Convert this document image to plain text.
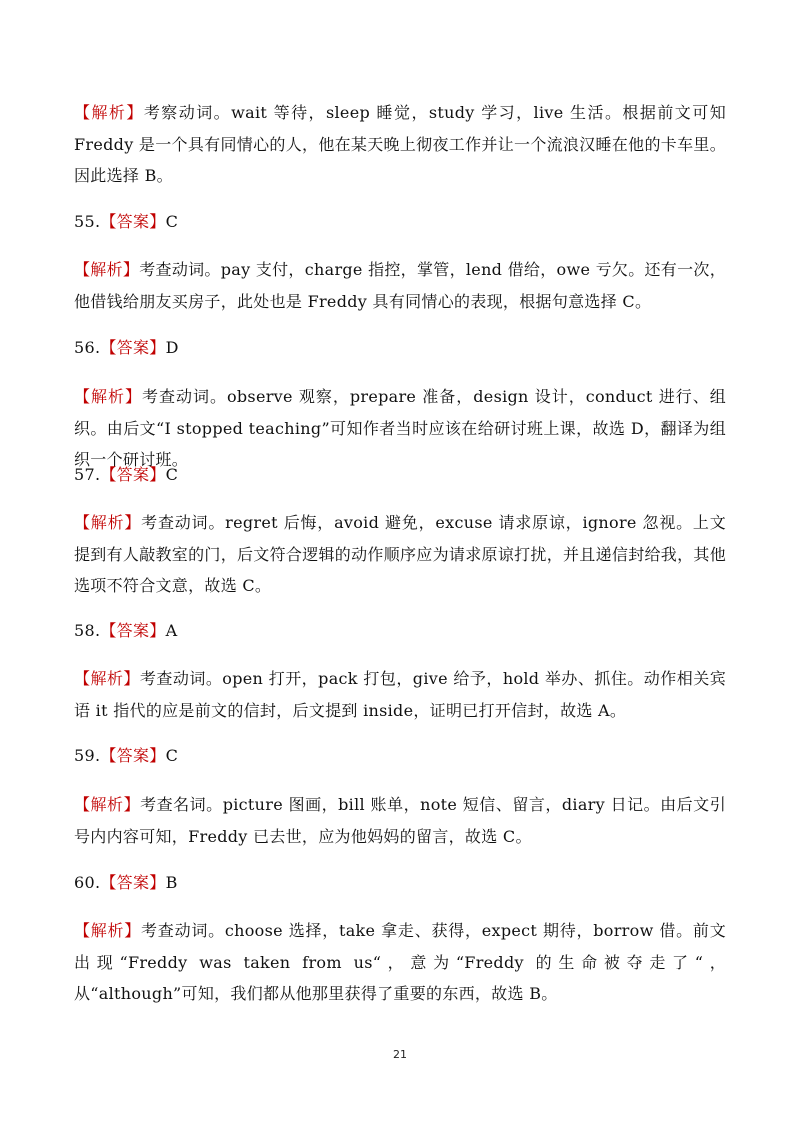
【解析】考察动词。wait 等待，sleep 睡觉，study 学习，live 生活。根据前文可知 Freddy 是一个具有同情心的人，他在某天晚上彻夜工作并让一个流浪汉睡在他的卡车里。因此选择 B。

55.【答案】C

【解析】考查动词。pay 支付，charge 指控，掌管，lend 借给，owe 亏欠。还有一次，他借钱给朋友买房子，此处也是 Freddy 具有同情心的表现，根据句意选择 C。

56.【答案】D

【解析】考查动词。observe 观察，prepare 准备，design 设计，conduct 进行、组织。由后文“I stopped teaching”可知作者当时应该在给研讨班上课，故选 D，翻译为组织一个研讨班。

57.【答案】C

【解析】考查动词。regret 后悔，avoid 避免，excuse 请求原谅，ignore 忽视。上文提到有人敲教室的门，后文符合逻辑的动作顺序应为请求原谅打扰，并且递信封给我，其他选项不符合文意，故选 C。

58.【答案】A

【解析】考查动词。open 打开，pack 打包，give 给予，hold 举办、抓住。动作相关宾语 it 指代的应是前文的信封，后文提到 inside，证明已打开信封，故选 A。

59.【答案】C

【解析】考查名词。picture 图画，bill 账单，note 短信、留言，diary 日记。由后文引号内内容可知，Freddy 已去世，应为他妈妈的留言，故选 C。

60.【答案】B

【解析】考查动词。choose 选择，take 拿走、获得，expect 期待，borrow 借。前文出现“Freddy was taken from us“，意为“Freddy 的生命被夺走了“，从“although”可知，我们都从他那里获得了重要的东西，故选 B。

21
